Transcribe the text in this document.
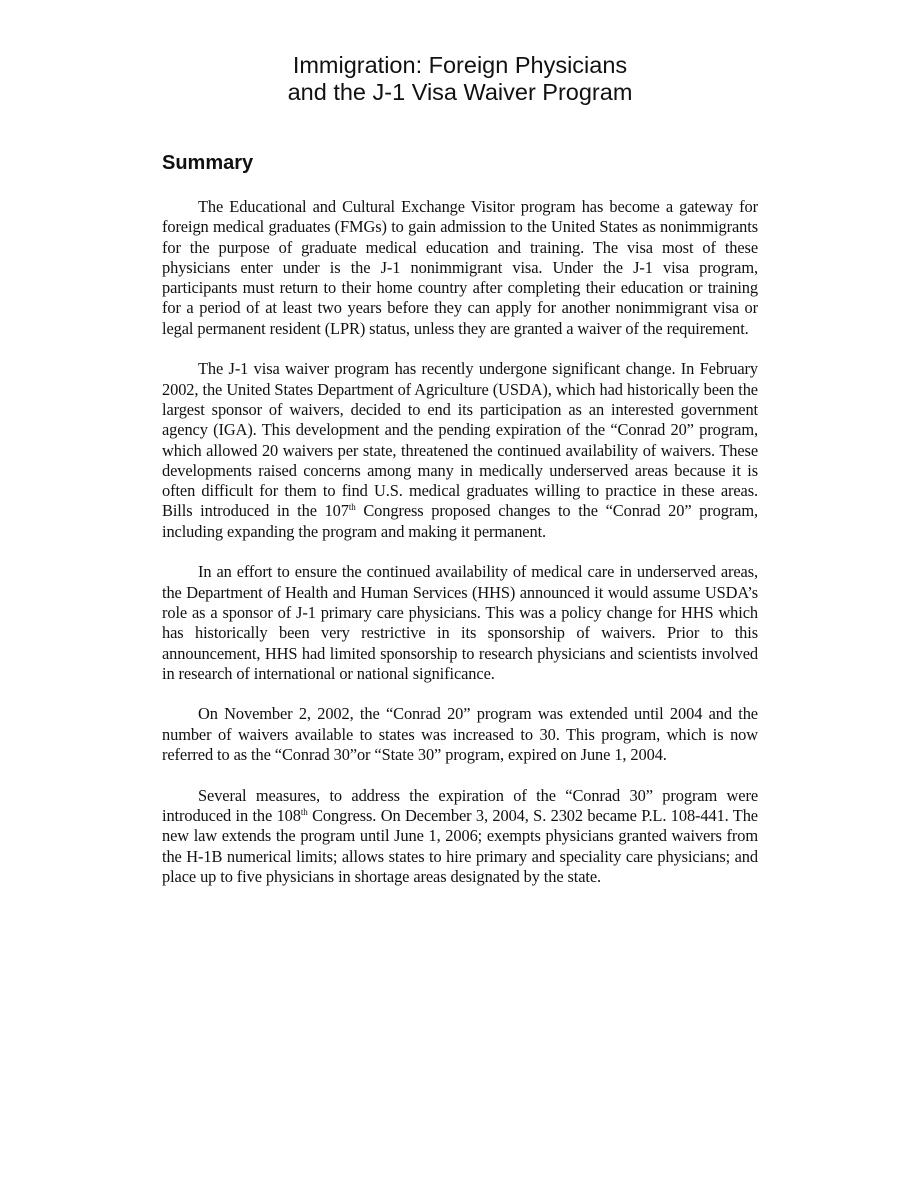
Immigration: Foreign Physicians
and the J-1 Visa Waiver Program
Summary

The Educational and Cultural Exchange Visitor program has become a gateway for foreign medical graduates (FMGs) to gain admission to the United States as nonimmigrants for the purpose of graduate medical education and training. The visa most of these physicians enter under is the J-1 nonimmigrant visa. Under the J-1 visa program, participants must return to their home country after completing their education or training for a period of at least two years before they can apply for another nonimmigrant visa or legal permanent resident (LPR) status, unless they are granted a waiver of the requirement.

The J-1 visa waiver program has recently undergone significant change. In February 2002, the United States Department of Agriculture (USDA), which had historically been the largest sponsor of waivers, decided to end its participation as an interested government agency (IGA). This development and the pending expiration of the “Conrad 20” program, which allowed 20 waivers per state, threatened the continued availability of waivers. These developments raised concerns among many in medically underserved areas because it is often difficult for them to find U.S. medical graduates willing to practice in these areas. Bills introduced in the 107th Congress proposed changes to the “Conrad 20” program, including expanding the program and making it permanent.

In an effort to ensure the continued availability of medical care in underserved areas, the Department of Health and Human Services (HHS) announced it would assume USDA’s role as a sponsor of J-1 primary care physicians. This was a policy change for HHS which has historically been very restrictive in its sponsorship of waivers. Prior to this announcement, HHS had limited sponsorship to research physicians and scientists involved in research of international or national significance.

On November 2, 2002, the “Conrad 20” program was extended until 2004 and the number of waivers available to states was increased to 30. This program, which is now referred to as the “Conrad 30”or “State 30” program, expired on June 1, 2004.

Several measures, to address the expiration of the “Conrad 30” program were introduced in the 108th Congress. On December 3, 2004, S. 2302 became P.L. 108-441. The new law extends the program until June 1, 2006; exempts physicians granted waivers from the H-1B numerical limits; allows states to hire primary and speciality care physicians; and place up to five physicians in shortage areas designated by the state.
